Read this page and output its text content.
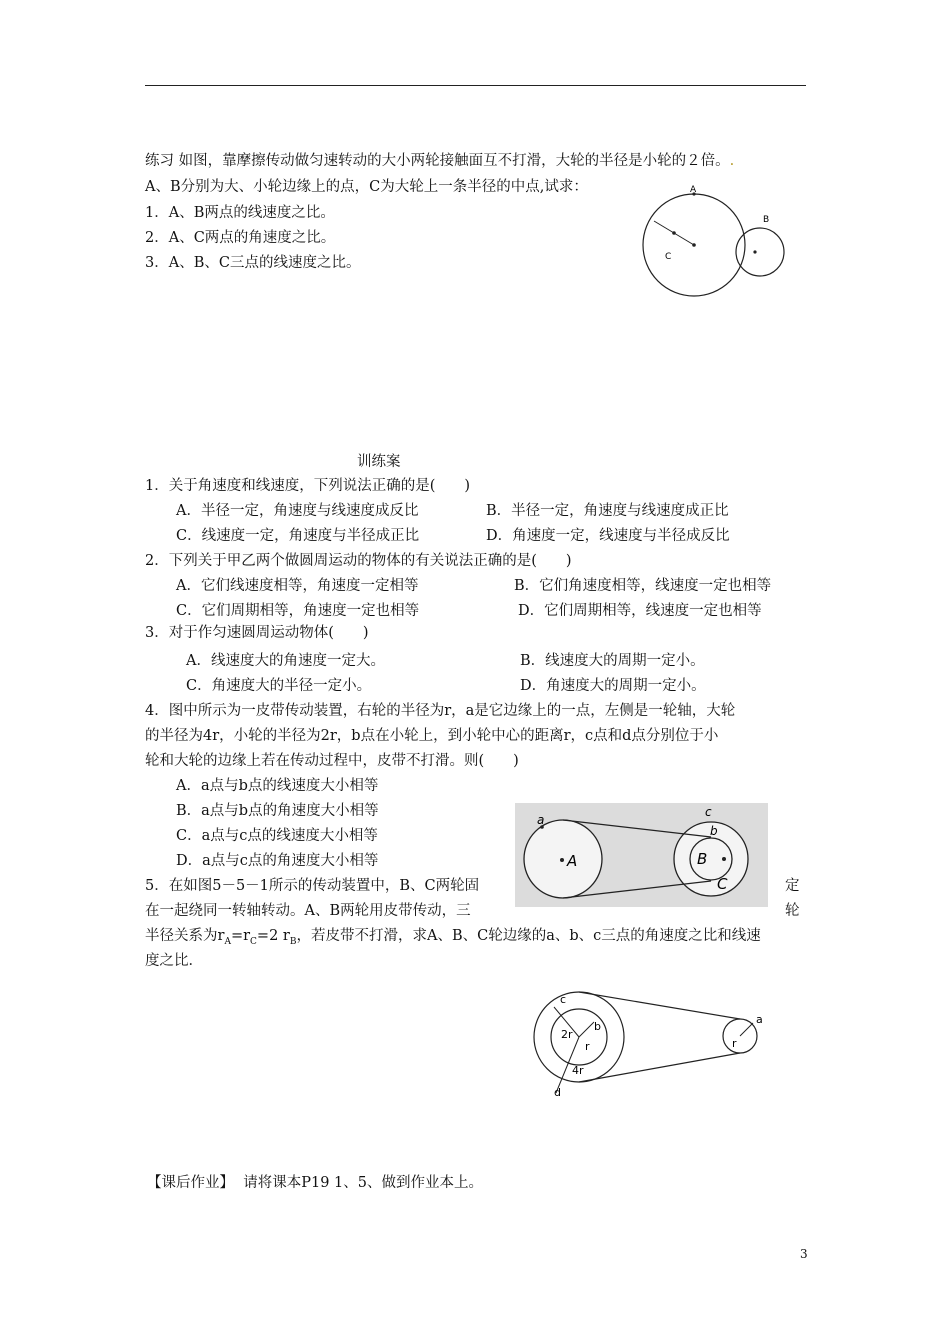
练习 如图，靠摩擦传动做匀速转动的大小两轮接触面互不打滑，大轮的半径是小轮的２倍。.
A、B分别为大、小轮边缘上的点，C为大轮上一条半径的中点,试求：
1．A、B两点的线速度之比。
2．A、C两点的角速度之比。
3．A、B、C三点的线速度之比。
A
B
C
训练案
1．关于角速度和线速度，下列说法正确的是(　　)
A．半径一定，角速度与线速度成反比	B．半径一定，角速度与线速度成正比
C．线速度一定，角速度与半径成正比	D．角速度一定，线速度与半径成反比
2．下列关于甲乙两个做圆周运动的物体的有关说法正确的是(　　)
A．它们线速度相等，角速度一定相等	B．它们角速度相等，线速度一定也相等
C．它们周期相等，角速度一定也相等	D．它们周期相等，线速度一定也相等
3．对于作匀速圆周运动物体(　　)
A．线速度大的角速度一定大。	B．线速度大的周期一定小。
C．角速度大的半径一定小。	D．角速度大的周期一定小。
4．图中所示为一皮带传动装置，右轮的半径为r，a是它边缘上的一点，左侧是一轮轴，大轮
的半径为4r，小轮的半径为2r，b点在小轮上，到小轮中心的距离r，c点和d点分别位于小
轮和大轮的边缘上若在传动过程中，皮带不打滑。则(　　)
A．a点与b点的线速度大小相等
B．a点与b点的角速度大小相等
C．a点与c点的线速度大小相等
D．a点与c点的角速度大小相等
a
A
c
b
B
C
5．在如图5－5－1所示的传动装置中，B、C两轮固	定
在一起绕同一转轴转动。A、B两轮用皮带传动，三	轮
半径关系为$r_A=r_C=2$ $r_B$，若皮带不打滑，求A、B、C轮边缘的a、b、c三点的角速度之比和线速
度之比．
c
b
r
2r
4r
d
a
r
【课后作业】 请将课本P19 1、5、做到作业本上。
3
